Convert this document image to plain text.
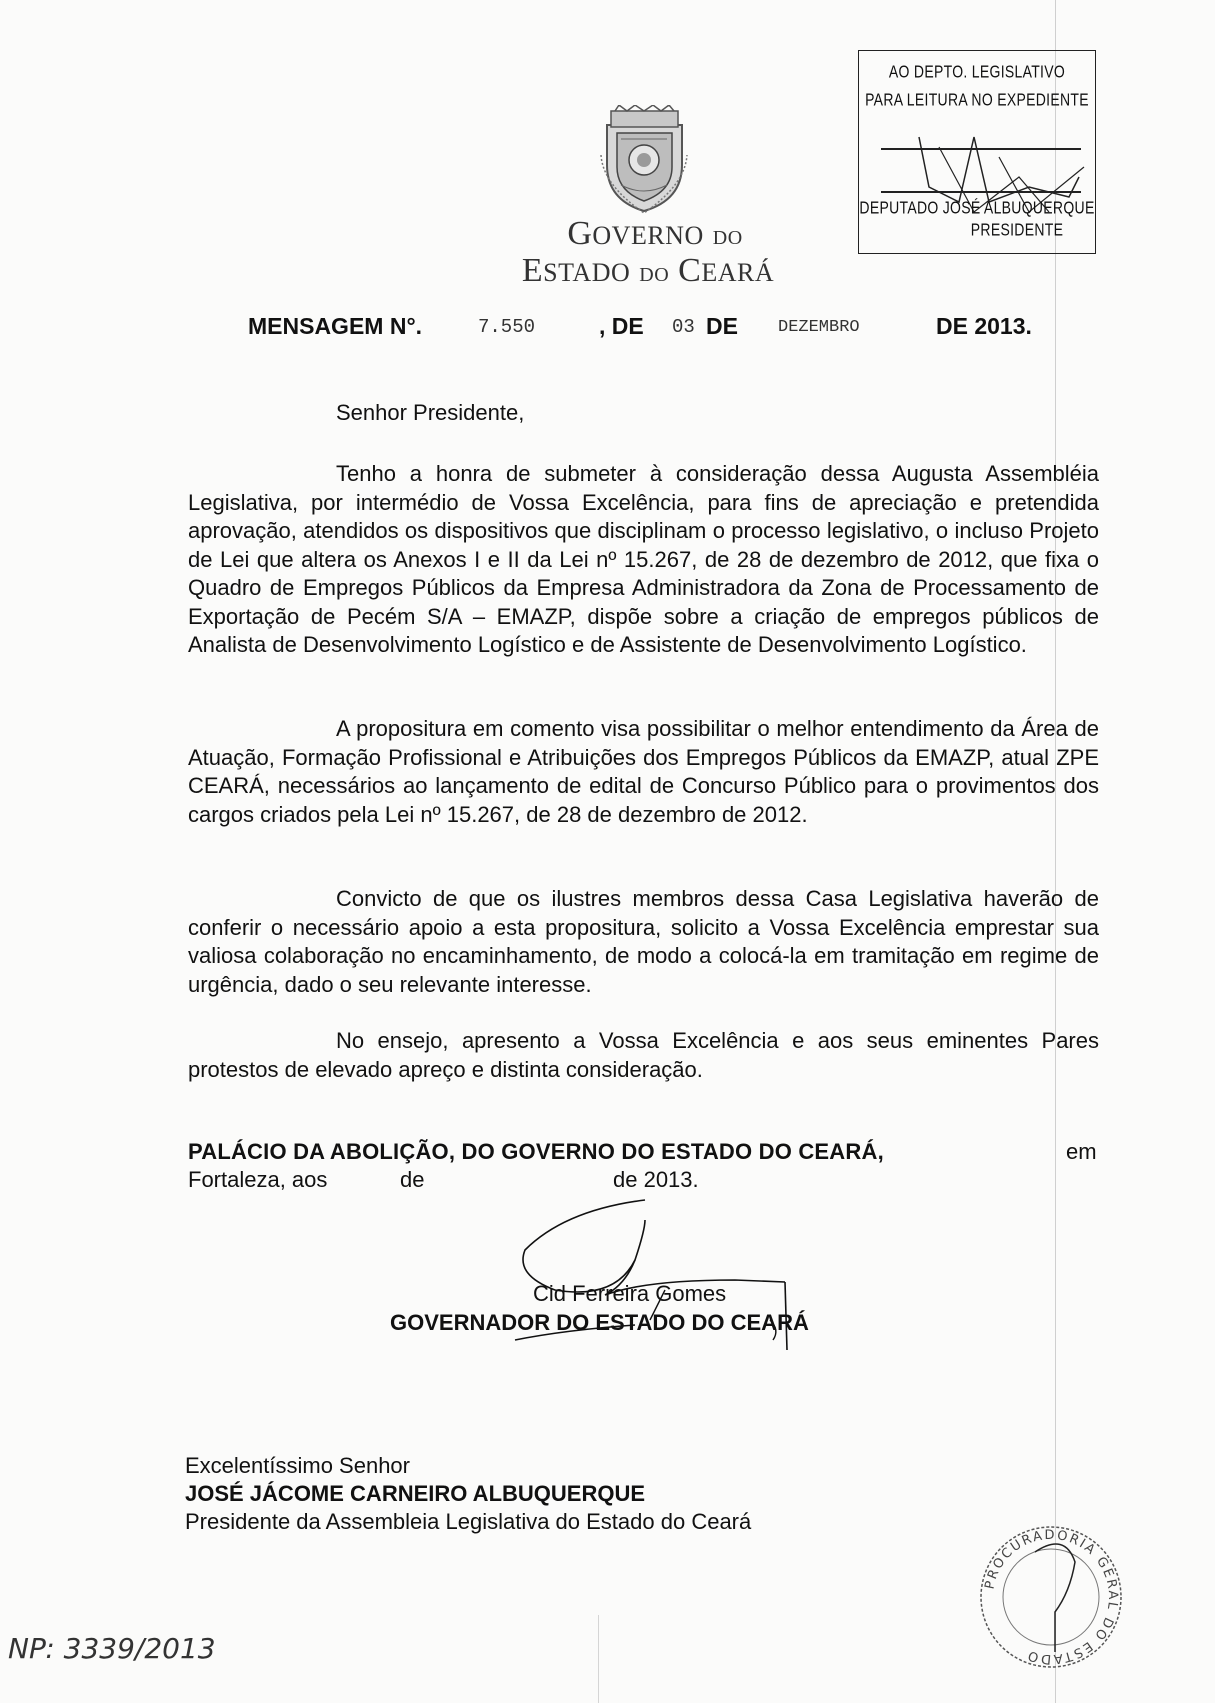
GOVERNO DO
ESTADO DO CEARÁ
AO DEPTO. LEGISLATIVO
PARA LEITURA NO EXPEDIENTE
DEPUTADO JOSÉ ALBUQUERQUE
PRESIDENTE
MENSAGEM N°.	7.550	, DE 03 DE DEZEMBRO	DE 2013.
Senhor Presidente,

Tenho a honra de submeter à consideração dessa Augusta Assembléia Legislativa, por intermédio de Vossa Excelência, para fins de apreciação e pretendida aprovação, atendidos os dispositivos que disciplinam o processo legislativo, o incluso Projeto de Lei que altera os Anexos I e II da Lei nº 15.267, de 28 de dezembro de 2012, que fixa o Quadro de Empregos Públicos da Empresa Administradora da Zona de Processamento de Exportação de Pecém S/A – EMAZP, dispõe sobre a criação de empregos públicos de Analista de Desenvolvimento Logístico e de Assistente de Desenvolvimento Logístico.

A propositura em comento visa possibilitar o melhor entendimento da Área de Atuação, Formação Profissional e Atribuições dos Empregos Públicos da EMAZP, atual ZPE CEARÁ, necessários ao lançamento de edital de Concurso Público para o provimentos dos cargos criados pela Lei nº 15.267, de 28 de dezembro de 2012.

Convicto de que os ilustres membros dessa Casa Legislativa haverão de conferir o necessário apoio a esta propositura, solicito a Vossa Excelência emprestar sua valiosa colaboração no encaminhamento, de modo a colocá-la em tramitação em regime de urgência, dado o seu relevante interesse.

No ensejo, apresento a Vossa Excelência e aos seus eminentes Pares protestos de elevado apreço e distinta consideração.

PALÁCIO DA ABOLIÇÃO, DO GOVERNO DO ESTADO DO CEARÁ,	em
Fortaleza, aos	de	de 2013.
Cid Ferreira Gomes
GOVERNADOR DO ESTADO DO CEARÁ
Excelentíssimo Senhor
JOSÉ JÁCOME CARNEIRO ALBUQUERQUE
Presidente da Assembleia Legislativa do Estado do Ceará
PROCURADORIA GERAL DO ESTADO
NP: 3339/2013
